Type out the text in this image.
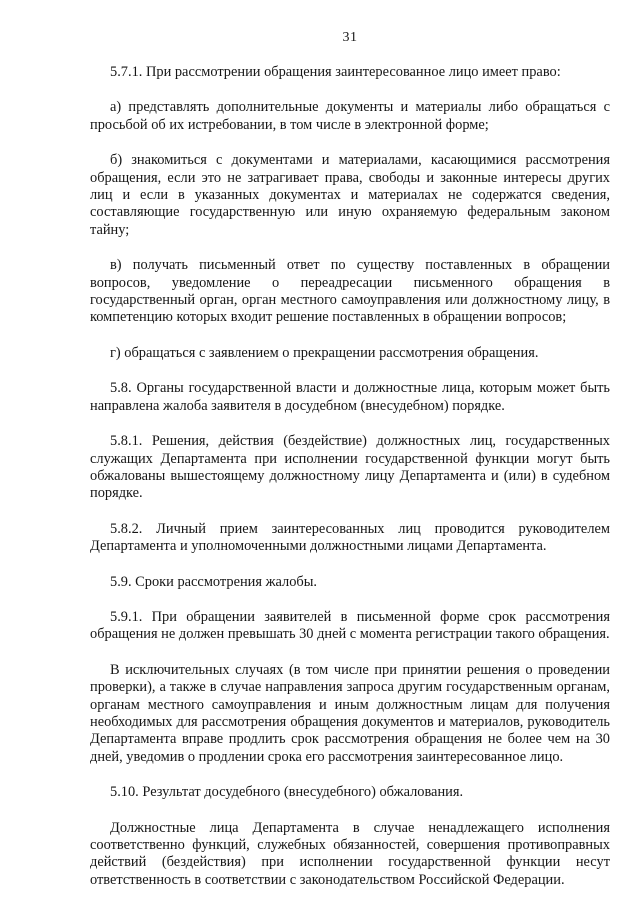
31

5.7.1. При рассмотрении обращения заинтересованное лицо имеет право:

а) представлять дополнительные документы и материалы либо обращаться с просьбой об их истребовании, в том числе в электронной форме;

б) знакомиться с документами и материалами, касающимися рассмотрения обращения, если это не затрагивает права, свободы и законные интересы других лиц и если в указанных документах и материалах не содержатся сведения, составляющие государственную или иную охраняемую федеральным законом тайну;

в) получать письменный ответ по существу поставленных в обращении вопросов, уведомление о переадресации письменного обращения в государственный орган, орган местного самоуправления или должностному лицу, в компетенцию которых входит решение поставленных в обращении вопросов;

г) обращаться с заявлением о прекращении рассмотрения обращения.

5.8. Органы государственной власти и должностные лица, которым может быть направлена жалоба заявителя в досудебном (внесудебном) порядке.

5.8.1. Решения, действия (бездействие) должностных лиц, государственных служащих Департамента при исполнении государственной функции могут быть обжалованы вышестоящему должностному лицу Департамента и (или) в судебном порядке.

5.8.2. Личный прием заинтересованных лиц проводится руководителем Департамента и уполномоченными должностными лицами Департамента.

5.9. Сроки рассмотрения жалобы.

5.9.1. При обращении заявителей в письменной форме срок рассмотрения обращения не должен превышать 30 дней с момента регистрации такого обращения.

В исключительных случаях (в том числе при принятии решения о проведении проверки), а также в случае направления запроса другим государственным органам, органам местного самоуправления и иным должностным лицам для получения необходимых для рассмотрения обращения документов и материалов, руководитель Департамента вправе продлить срок рассмотрения обращения не более чем на 30 дней, уведомив о продлении срока его рассмотрения заинтересованное лицо.

5.10. Результат досудебного (внесудебного) обжалования.

Должностные лица Департамента в случае ненадлежащего исполнения соответственно функций, служебных обязанностей, совершения противоправных действий (бездействия) при исполнении государственной функции несут ответственность в соответствии с законодательством Российской Федерации.
